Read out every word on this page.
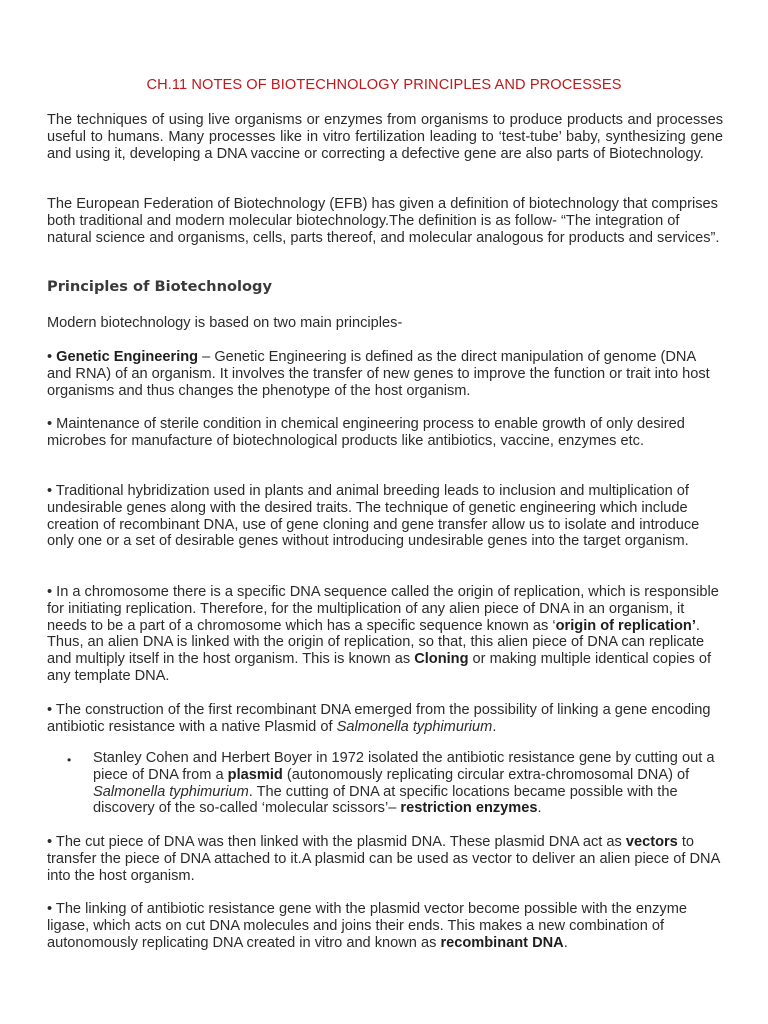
CH.11 NOTES OF BIOTECHNOLOGY PRINCIPLES AND PROCESSES

The techniques of using live organisms or enzymes from organisms to produce products and processes useful to humans. Many processes like in vitro fertilization leading to ‘test-tube’ baby, synthesizing gene and using it, developing a DNA vaccine or correcting a defective gene are also parts of Biotechnology.

The European Federation of Biotechnology (EFB) has given a definition of biotechnology that comprises both traditional and modern molecular biotechnology.The definition is as follow- “The integration of natural science and organisms, cells, parts thereof, and molecular analogous for products and services”.

Principles of Biotechnology

Modern biotechnology is based on two main principles-

• Genetic Engineering – Genetic Engineering is defined as the direct manipulation of genome (DNA and RNA) of an organism. It involves the transfer of new genes to improve the function or trait into host organisms and thus changes the phenotype of the host organism.

• Maintenance of sterile condition in chemical engineering process to enable growth of only desired microbes for manufacture of biotechnological products like antibiotics, vaccine, enzymes etc.

• Traditional hybridization used in plants and animal breeding leads to inclusion and multiplication of undesirable genes along with the desired traits. The technique of genetic engineering which include creation of recombinant DNA, use of gene cloning and gene transfer allow us to isolate and introduce only one or a set of desirable genes without introducing undesirable genes into the target organism.

• In a chromosome there is a specific DNA sequence called the origin of replication, which is responsible for initiating replication. Therefore, for the multiplication of any alien piece of DNA in an organism, it needs to be a part of a chromosome which has a specific sequence known as ‘origin of replication’. Thus, an alien DNA is linked with the origin of replication, so that, this alien piece of DNA can replicate and multiply itself in the host organism. This is known as Cloning or making multiple identical copies of any template DNA.

• The construction of the first recombinant DNA emerged from the possibility of linking a gene encoding antibiotic resistance with a native Plasmid of Salmonella typhimurium.

• Stanley Cohen and Herbert Boyer in 1972 isolated the antibiotic resistance gene by cutting out a piece of DNA from a plasmid (autonomously replicating circular extra-chromosomal DNA) of Salmonella typhimurium. The cutting of DNA at specific locations became possible with the discovery of the so-called ‘molecular scissors’– restriction enzymes.

• The cut piece of DNA was then linked with the plasmid DNA. These plasmid DNA act as vectors to transfer the piece of DNA attached to it.A plasmid can be used as vector to deliver an alien piece of DNA into the host organism.

• The linking of antibiotic resistance gene with the plasmid vector become possible with the enzyme ligase, which acts on cut DNA molecules and joins their ends. This makes a new combination of autonomously replicating DNA created in vitro and known as recombinant DNA.
